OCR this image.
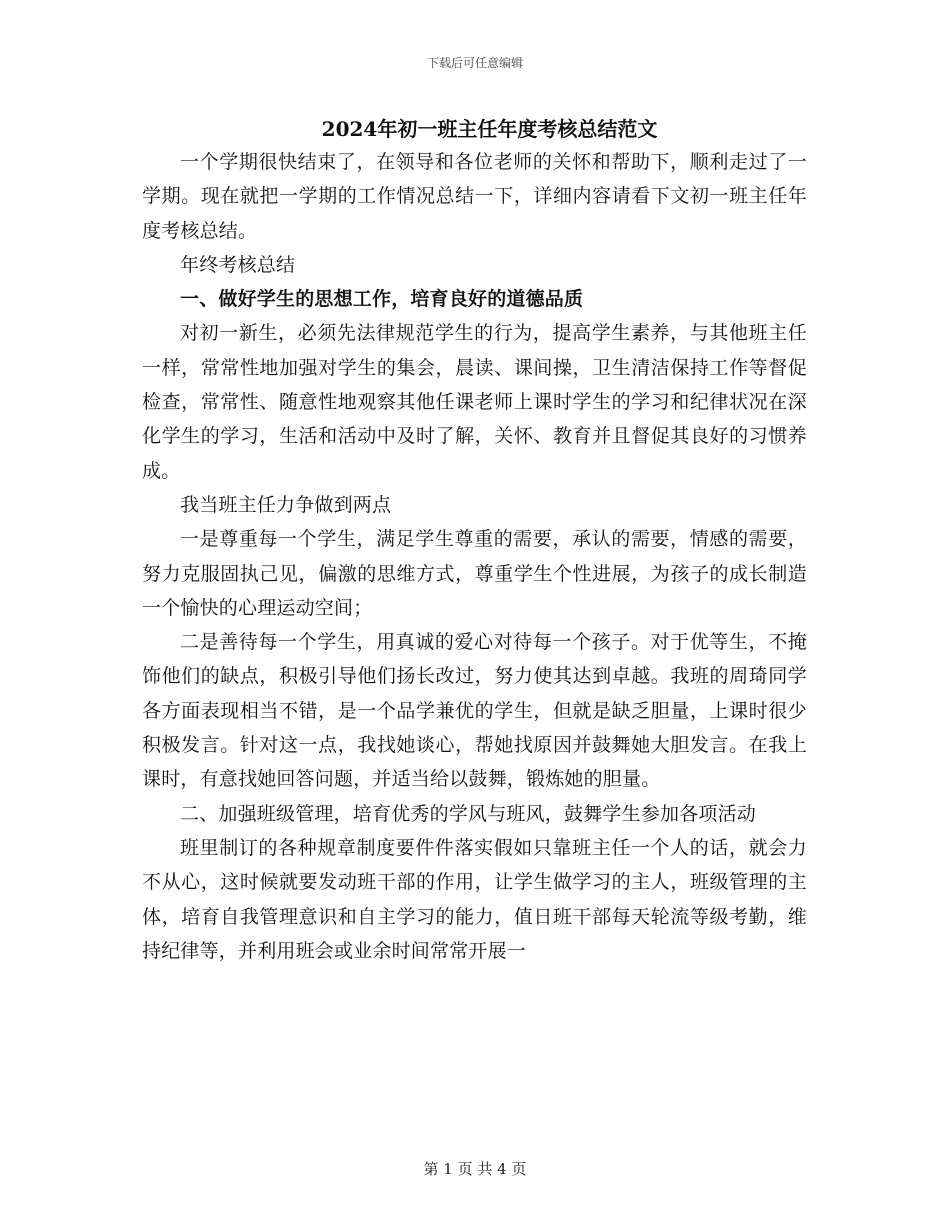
下载后可任意编辑
2024年初一班主任年度考核总结范文

一个学期很快结束了，在领导和各位老师的关怀和帮助下，顺利走过了一学期。现在就把一学期的工作情况总结一下，详细内容请看下文初一班主任年度考核总结。

年终考核总结

一、做好学生的思想工作，培育良好的道德品质

对初一新生，必须先法律规范学生的行为，提高学生素养，与其他班主任一样，常常性地加强对学生的集会，晨读、课间操，卫生清洁保持工作等督促检查，常常性、随意性地观察其他任课老师上课时学生的学习和纪律状况在深化学生的学习，生活和活动中及时了解，关怀、教育并且督促其良好的习惯养成。

我当班主任力争做到两点

一是尊重每一个学生，满足学生尊重的需要，承认的需要，情感的需要，努力克服固执己见，偏激的思维方式，尊重学生个性进展，为孩子的成长制造一个愉快的心理运动空间；

二是善待每一个学生，用真诚的爱心对待每一个孩子。对于优等生，不掩饰他们的缺点，积极引导他们扬长改过，努力使其达到卓越。我班的周琦同学各方面表现相当不错，是一个品学兼优的学生，但就是缺乏胆量，上课时很少积极发言。针对这一点，我找她谈心，帮她找原因并鼓舞她大胆发言。在我上课时，有意找她回答问题，并适当给以鼓舞，锻炼她的胆量。

二、加强班级管理，培育优秀的学风与班风，鼓舞学生参加各项活动

班里制订的各种规章制度要件件落实假如只靠班主任一个人的话，就会力不从心，这时候就要发动班干部的作用，让学生做学习的主人，班级管理的主体，培育自我管理意识和自主学习的能力，值日班干部每天轮流等级考勤，维持纪律等，并利用班会或业余时间常常开展一

第 1 页 共 4 页
